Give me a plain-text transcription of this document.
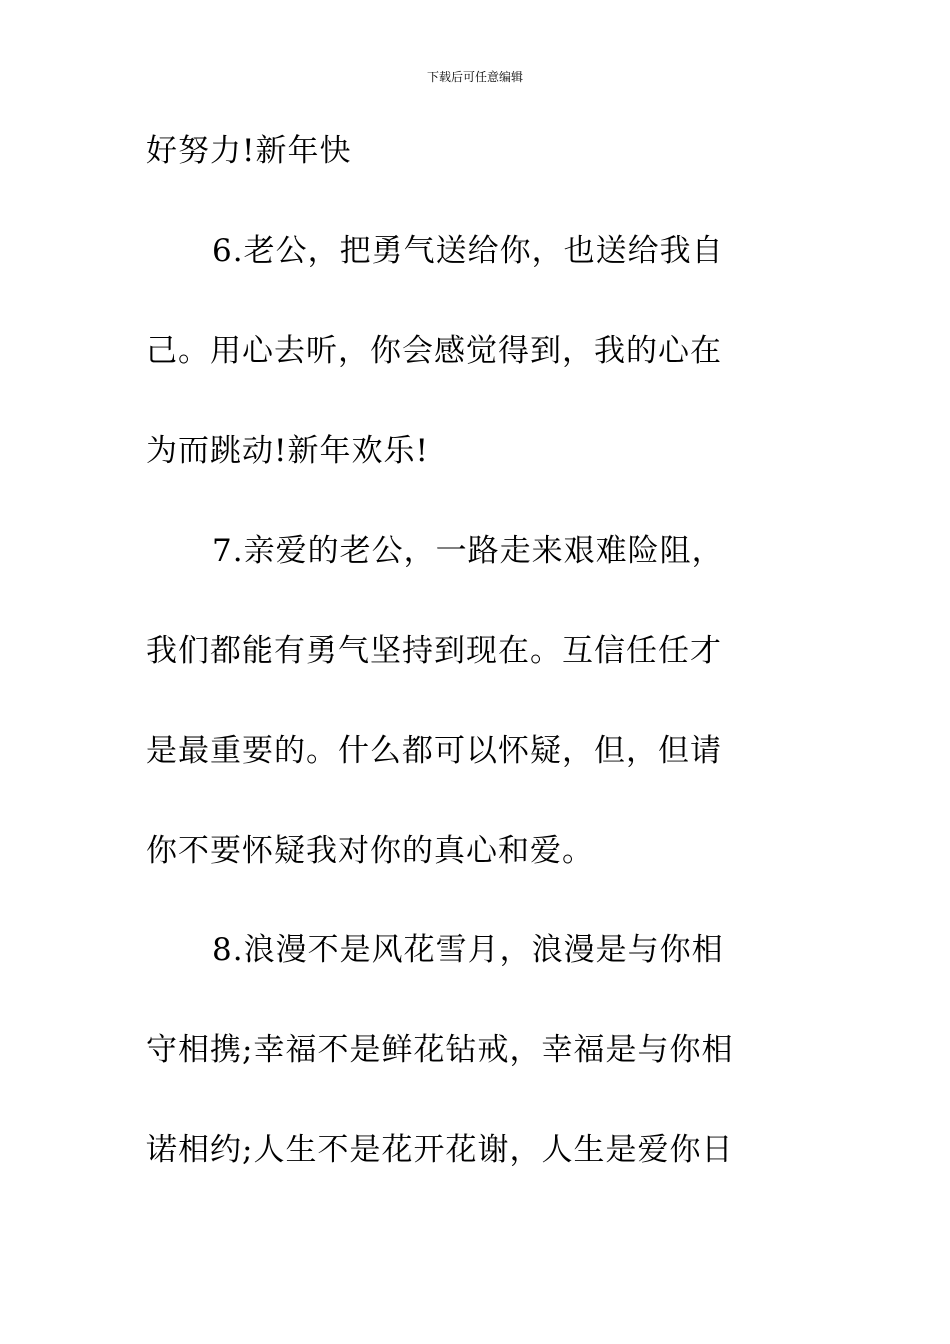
下载后可任意编辑
好努力!新年快
6.老公，把勇气送给你，也送给我自
己。用心去听，你会感觉得到，我的心在
为而跳动!新年欢乐!
7.亲爱的老公，一路走来艰难险阻，
我们都能有勇气坚持到现在。互信任任才
是最重要的。什么都可以怀疑，但，但请
你不要怀疑我对你的真心和爱。
8.浪漫不是风花雪月，浪漫是与你相
守相携;幸福不是鲜花钻戒，幸福是与你相
诺相约;人生不是花开花谢，人生是爱你日
